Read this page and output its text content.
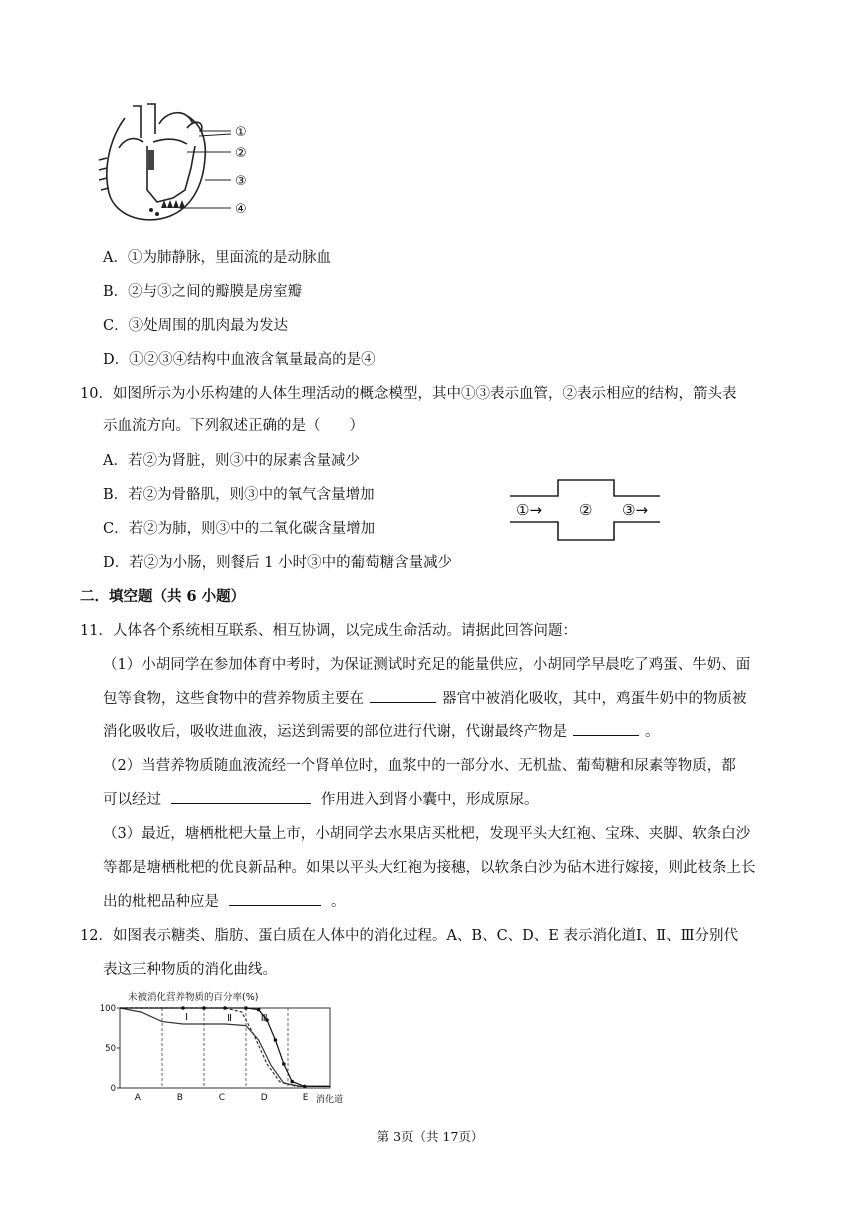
①
②
③
④
A．①为肺静脉，里面流的是动脉血
B．②与③之间的瓣膜是房室瓣
C．③处周围的肌肉最为发达
D．①②③④结构中血液含氧量最高的是④
10．如图所示为小乐构建的人体生理活动的概念模型，其中①③表示血管，②表示相应的结构，箭头表
示血流方向。下列叙述正确的是（　　）
A．若②为肾脏，则③中的尿素含量减少
B．若②为骨骼肌，则③中的氧气含量增加
C．若②为肺，则③中的二氧化碳含量增加
D．若②为小肠，则餐后 1 小时③中的葡萄糖含量减少
①→ ② ③→
二．填空题（共 6 小题）
11．人体各个系统相互联系、相互协调，以完成生命活动。请据此回答问题：
（1）小胡同学在参加体育中考时，为保证测试时充足的能量供应，小胡同学早晨吃了鸡蛋、牛奶、面
包等食物，这些食物中的营养物质主要在	器官中被消化吸收，其中，鸡蛋牛奶中的物质被
消化吸收后，吸收进血液，运送到需要的部位进行代谢，代谢最终产物是	。
（2）当营养物质随血液流经一个肾单位时，血浆中的一部分水、无机盐、葡萄糖和尿素等物质，都
可以经过	作用进入到肾小囊中，形成原尿。
（3）最近，塘栖枇杷大量上市，小胡同学去水果店买枇杷，发现平头大红袍、宝珠、夹脚、软条白沙
等都是塘栖枇杷的优良新品种。如果以平头大红袍为接穗，以软条白沙为砧木进行嫁接，则此枝条上长
出的枇杷品种应是	。
12．如图表示糖类、脂肪、蛋白质在人体中的消化过程。A、B、C、D、E 表示消化道Ⅰ、Ⅱ、Ⅲ分别代
表这三种物质的消化曲线。
未被消化营养物质的百分率(%)
100
50
0
A	B	C	D	E 消化道
Ⅰ	Ⅱ	Ⅲ
第 3页（共 17页）
